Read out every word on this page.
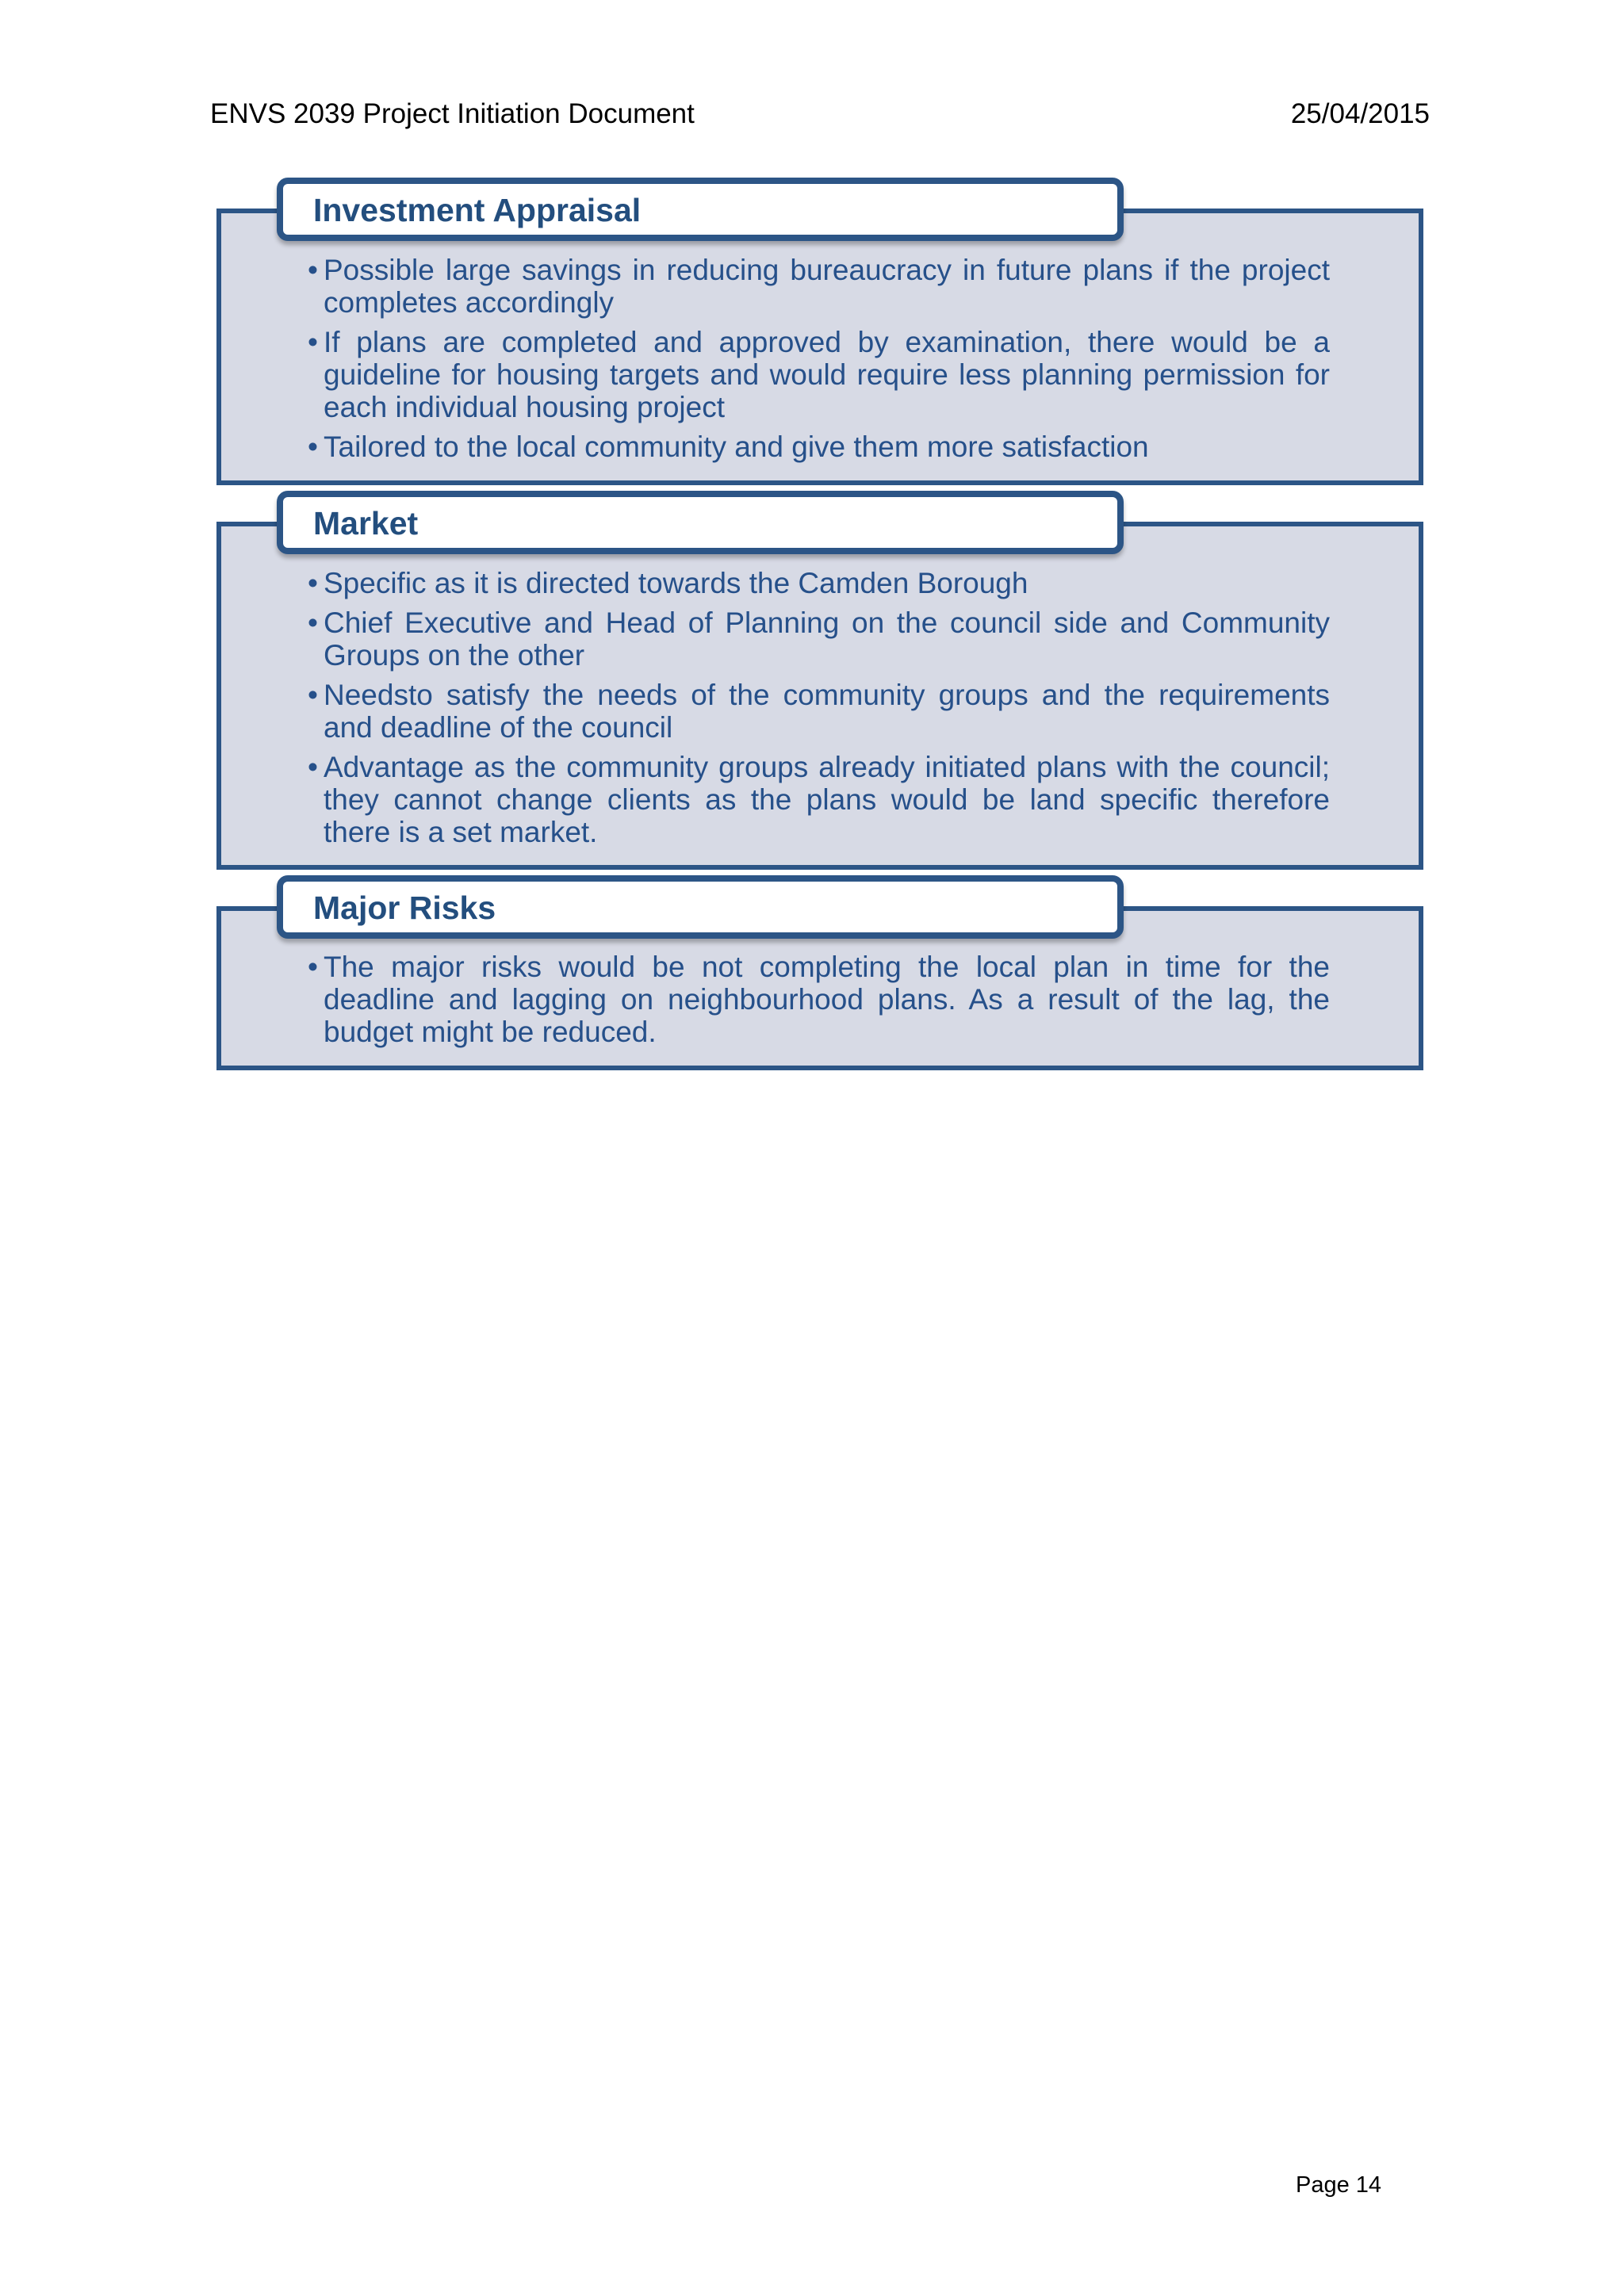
ENVS 2039 Project Initiation Document	25/04/2015
Investment Appraisal
• Possible large savings in reducing bureaucracy in future plans if the project completes accordingly
• If plans are completed and approved by examination, there would be a guideline for housing targets and would require less planning permission for each individual housing project
• Tailored to the local community and give them more satisfaction
Market
• Specific as it is directed towards the Camden Borough
• Chief Executive and Head of Planning on the council side and Community Groups on the other
• Needsto satisfy the needs of the community groups and the requirements and deadline of the council
• Advantage as the community groups already initiated plans with the council; they cannot change clients as the plans would be land specific therefore there is a set market.
Major Risks
• The major risks would be not completing the local plan in time for the deadline and lagging on neighbourhood plans. As a result of the lag, the budget might be reduced.
Page 14
